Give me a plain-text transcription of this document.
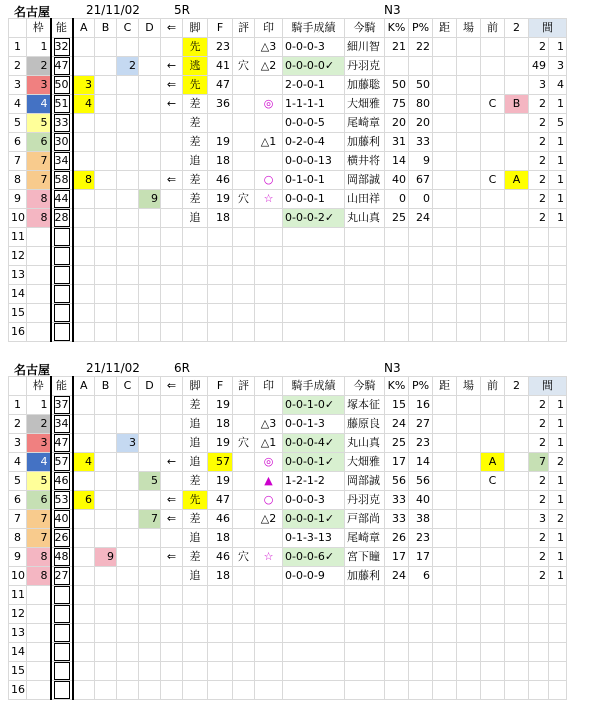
名古屋	21/11/02	5R	N3
	枠	能	A	B	C	D	⇐	脚	F	評	印	騎手成績	今騎	K%	P%	距	場	前	2	間	
1	1	32						先	23		△3	0-0-0-3	細川智	21	22					2	1
2	2	47			2		←	逃	41	穴	△2	0-0-0-0✓	丹羽克							49	3
3	3	50	3				⇐	先	47			2-0-0-1	加藤聡	50	50					3	4
4	4	51	4				←	差	36		◎	1-1-1-1	大畑雅	75	80			C	B	2	1
5	5	33						差				0-0-0-5	尾崎章	20	20					2	5
6	6	30						差	19		△1	0-2-0-4	加藤利	31	33					2	1
7	7	34						追	18			0-0-0-13	横井将	14	9					2	1
8	7	58	8				⇐	差	46		○	0-1-0-1	岡部誠	40	67			C	A	2	1
9	8	44				9		差	19	穴	☆	0-0-0-1	山田祥	0	0					2	1
10	8	28						追	18			0-0-0-2✓	丸山真	25	24					2	1
11		

12		

13		

14		

15		

16		

名古屋	21/11/02	6R	N3
	枠	能	A	B	C	D	⇐	脚	F	評	印	騎手成績	今騎	K%	P%	距	場	前	2	間	
1	1	37						差	19			0-0-1-0✓	塚本征	15	16					2	1
2	2	34						追	18		△3	0-0-1-3	藤原良	24	27					2	1
3	3	47			3			追	19	穴	△1	0-0-0-4✓	丸山真	25	23					2	1
4	4	57	4				←	追	57		◎	0-0-0-1✓	大畑雅	17	14			A		7	2
5	5	46				5		差	19		▲	1-2-1-2	岡部誠	56	56			C		2	1
6	6	53	6				⇐	先	47		○	0-0-0-3	丹羽克	33	40					2	1
7	7	40				7	⇐	差	46		△2	0-0-0-1✓	戸部尚	33	38					3	2
8	7	26						追	18			0-1-3-13	尾崎章	26	23					2	1
9	8	48		9			⇐	差	46	穴	☆	0-0-0-6✓	宮下瞳	17	17					2	1
10	8	27						追	18			0-0-0-9	加藤利	24	6					2	1
11		

12		

13		

14		

15		

16		
